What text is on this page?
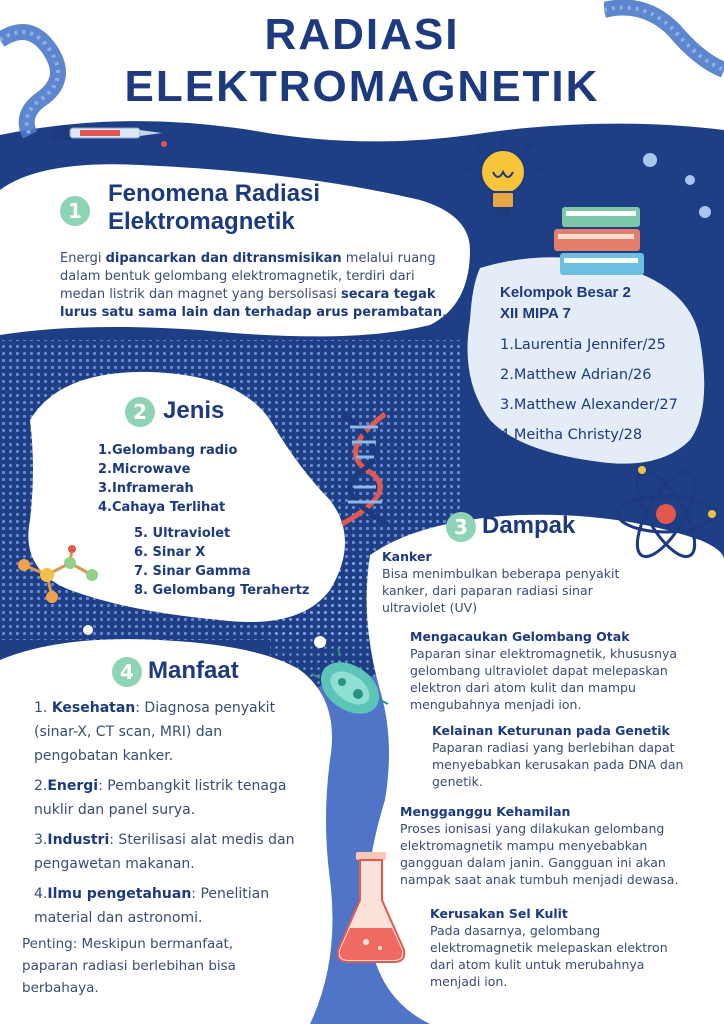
RADIASI
ELEKTROMAGNETIK
1
Fenomena Radiasi
Elektromagnetik
Energi dipancarkan dan ditransmisikan melalui ruang dalam bentuk gelombang elektromagnetik, terdiri dari medan listrik dan magnet yang bersolisasi secara tegak lurus satu sama lain dan terhadap arus perambatan.
Kelompok Besar 2
XII MIPA 7
1.Laurentia Jennifer/25
2.Matthew Adrian/26
3.Matthew Alexander/27
4.Meitha Christy/28
2 Jenis
1.Gelombang radio
2.Microwave
3.Inframerah
4.Cahaya Terlihat
5. Ultraviolet
6. Sinar X
7. Sinar Gamma
8. Gelombang Terahertz
3 Dampak
Kanker
Bisa menimbulkan beberapa penyakit kanker, dari paparan radiasi sinar ultraviolet (UV)
Mengacaukan Gelombang Otak
Paparan sinar elektromagnetik, khususnya gelombang ultraviolet dapat melepaskan elektron dari atom kulit dan mampu mengubahnya menjadi ion.
Kelainan Keturunan pada Genetik
Paparan radiasi yang berlebihan dapat menyebabkan kerusakan pada DNA dan genetik.
Mengganggu Kehamilan
Proses ionisasi yang dilakukan gelombang elektromagnetik mampu menyebabkan gangguan dalam janin. Gangguan ini akan nampak saat anak tumbuh menjadi dewasa.
Kerusakan Sel Kulit
Pada dasarnya, gelombang elektromagnetik melepaskan elektron dari atom kulit untuk merubahnya menjadi ion.
4 Manfaat
1. Kesehatan: Diagnosa penyakit (sinar-X, CT scan, MRI) dan pengobatan kanker.
2.Energi: Pembangkit listrik tenaga nuklir dan panel surya.
3.Industri: Sterilisasi alat medis dan pengawetan makanan.
4.Ilmu pengetahuan: Penelitian material dan astronomi.
Penting: Meskipun bermanfaat, paparan radiasi berlebihan bisa berbahaya.
